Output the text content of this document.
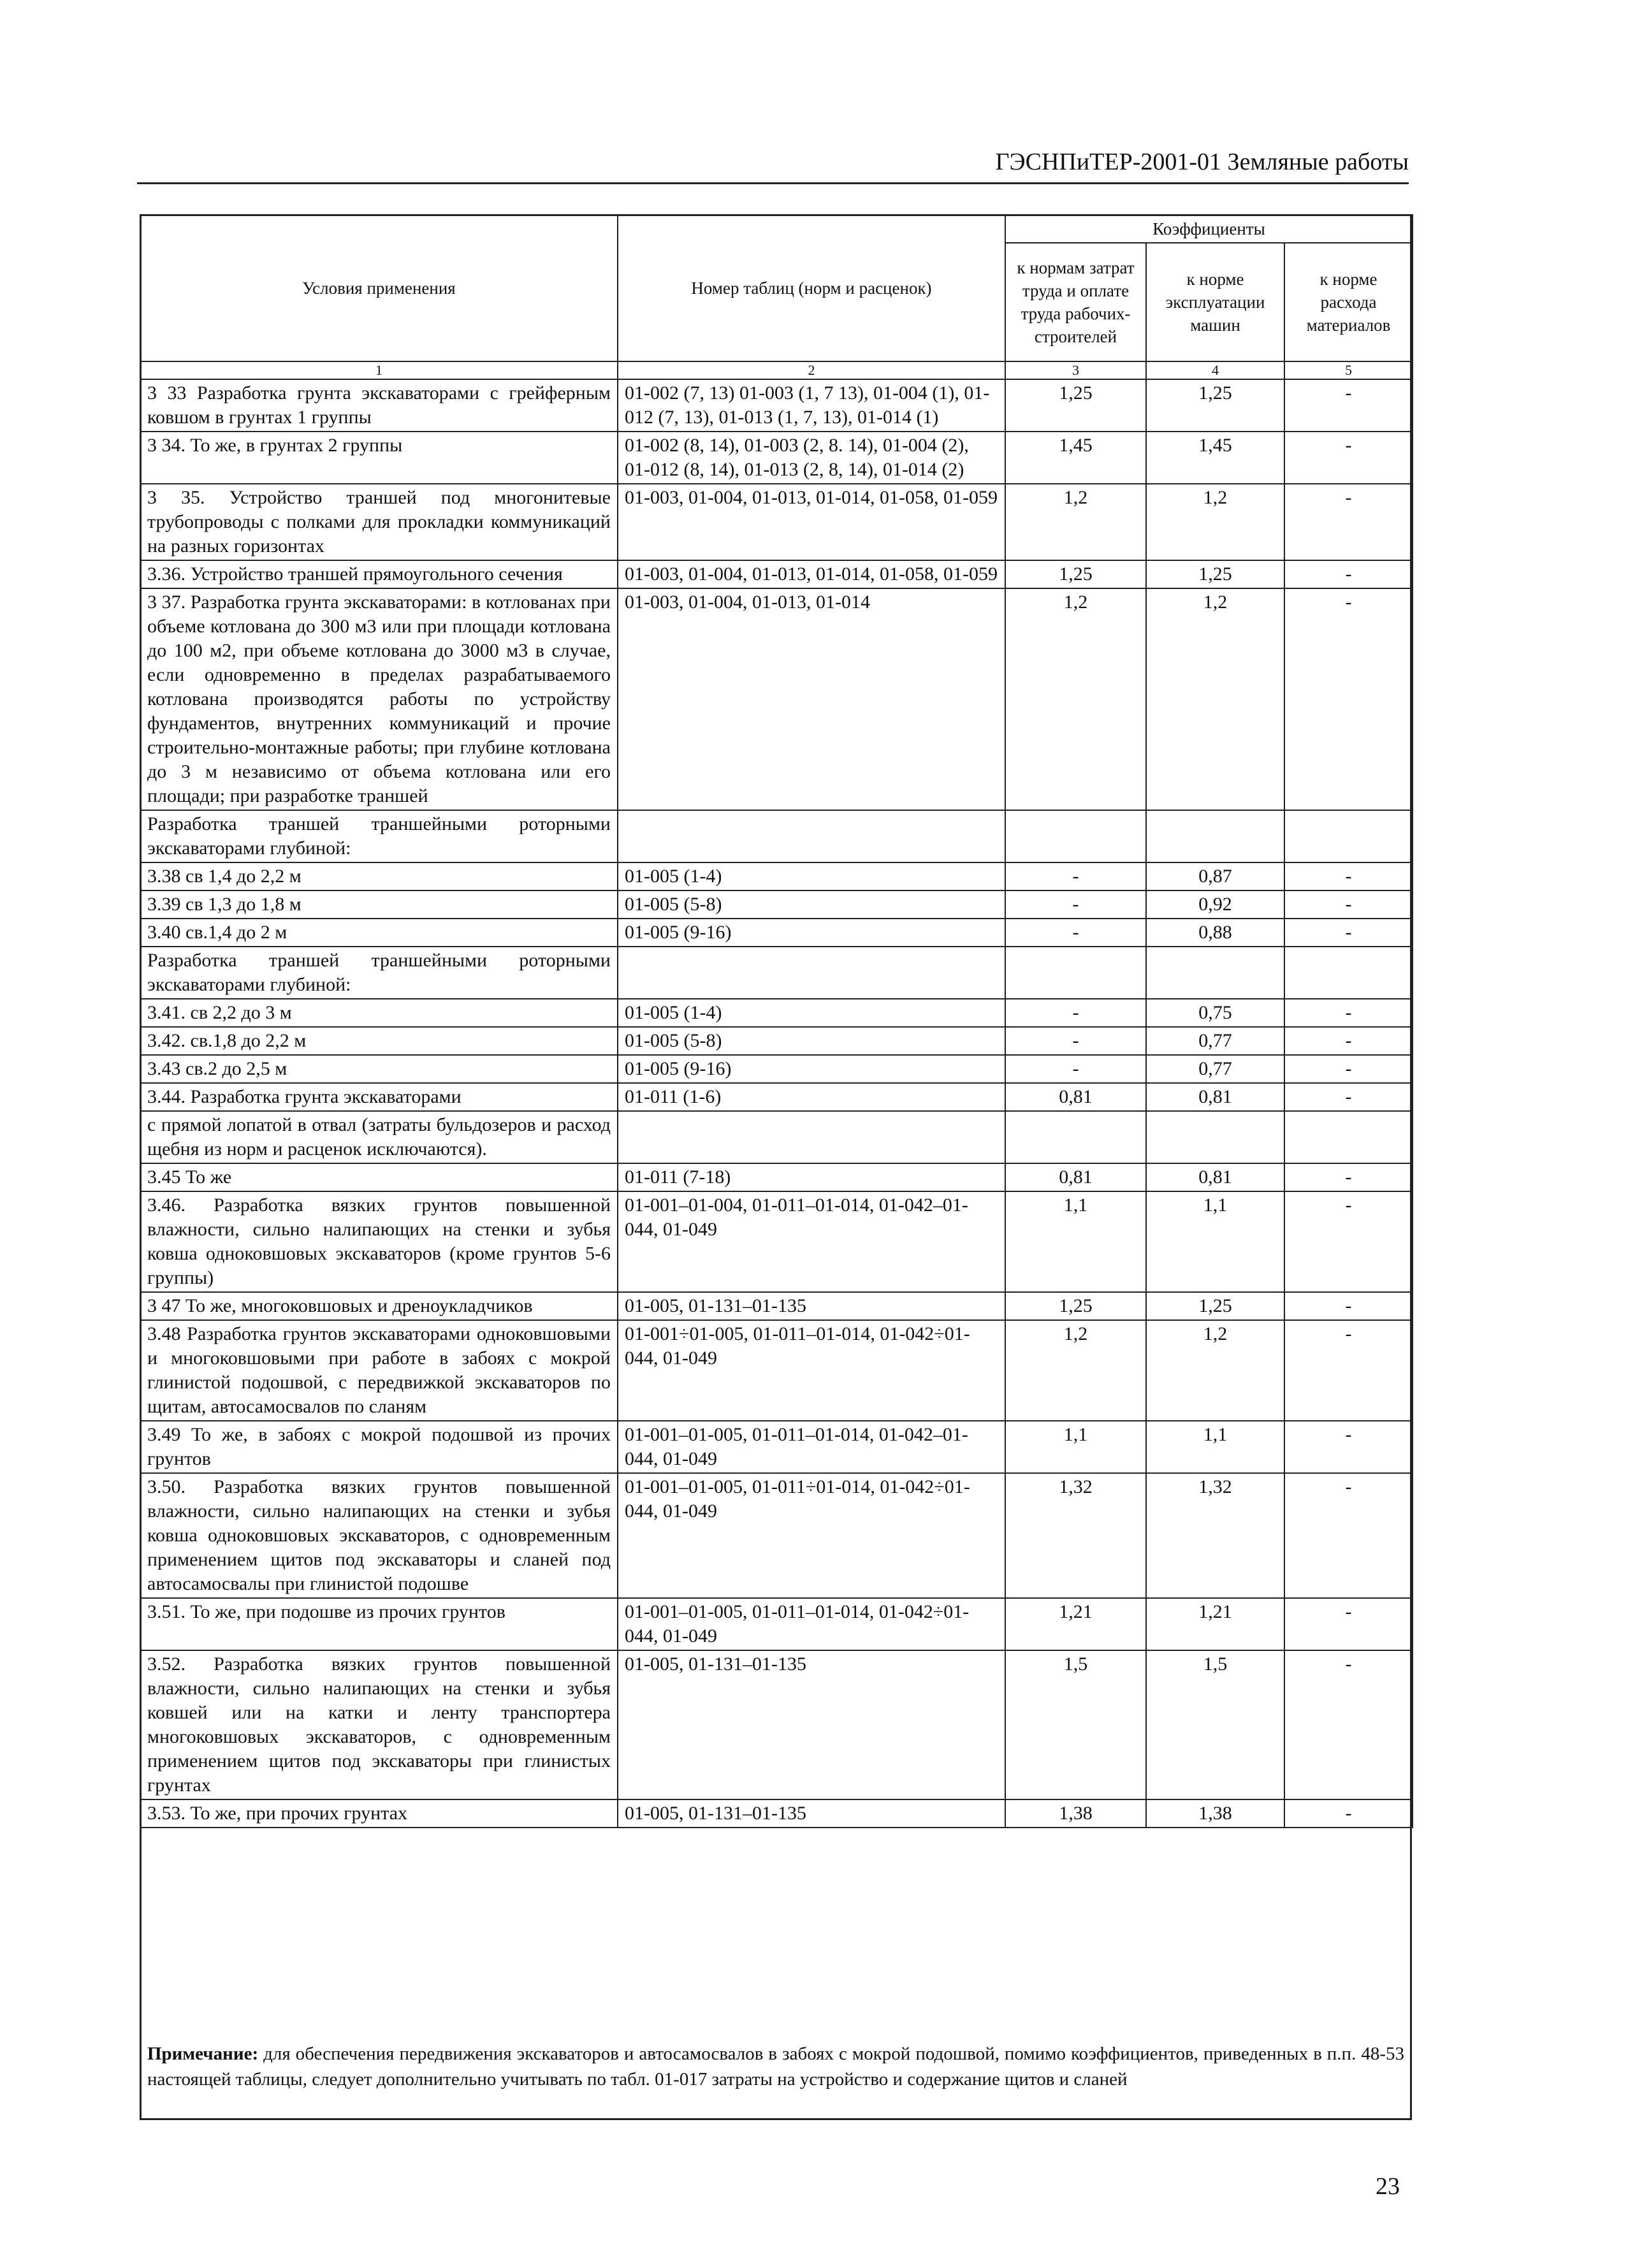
ГЭСНПиТЕР-2001-01 Земляные работы
Условия применения	Номер таблиц (норм и расценок)	Коэффициенты		
		к нормам затрат труда и оплате труда рабочих-строителей	к норме эксплуатации машин	к норме расхода материалов
1	2	3	4	5
3 33 Разработка грунта экскаваторами с грейферным ковшом в грунтах 1 группы	01-002 (7, 13) 01-003 (1, 7 13), 01-004 (1), 01-012 (7, 13), 01-013 (1, 7, 13), 01-014 (1)	1,25	1,25	-
3 34. То же, в грунтах 2 группы	01-002 (8, 14), 01-003 (2, 8. 14), 01-004 (2), 01-012 (8, 14), 01-013 (2, 8, 14), 01-014 (2)	1,45	1,45	-
3 35. Устройство траншей под многонитевые трубопроводы с полками для прокладки коммуникаций на разных горизонтах	01-003, 01-004, 01-013, 01-014, 01-058, 01-059	1,2	1,2	-
3.36. Устройство траншей прямоугольного сечения	01-003, 01-004, 01-013, 01-014, 01-058, 01-059	1,25	1,25	-
3 37. Разработка грунта экскаваторами: в котлованах при объеме котлована до 300 м3 или при площади котлована до 100 м2, при объеме котлована до 3000 м3 в случае, если одновременно в пределах разрабатываемого котлована производятся работы по устройству фундаментов, внутренних коммуникаций и прочие строительно-монтажные работы; при глубине котлована до 3 м независимо от объема котлована или его площади; при разработке траншей	01-003, 01-004, 01-013, 01-014	1,2	1,2	-
Разработка траншей траншейными роторными экскаваторами глубиной:				
3.38 св 1,4 до 2,2 м	01-005 (1-4)	-	0,87	-
3.39 св 1,3 до 1,8 м	01-005 (5-8)	-	0,92	-
3.40 св.1,4 до 2 м	01-005 (9-16)	-	0,88	-
Разработка траншей траншейными роторными экскаваторами глубиной:				
3.41. св 2,2 до 3 м	01-005 (1-4)	-	0,75	-
3.42. св.1,8 до 2,2 м	01-005 (5-8)	-	0,77	-
3.43 св.2 до 2,5 м	01-005 (9-16)	-	0,77	-
3.44. Разработка грунта экскаваторами	01-011 (1-6)	0,81	0,81	-
с прямой лопатой в отвал (затраты бульдозеров и расход щебня из норм и расценок исключаются).				
3.45 То же	01-011 (7-18)	0,81	0,81	-
3.46. Разработка вязких грунтов повышенной влажности, сильно налипающих на стенки и зубья ковша одноковшовых экскаваторов (кроме грунтов 5-6 группы)	01-001–01-004, 01-011–01-014, 01-042–01-044, 01-049	1,1	1,1	-
3 47 То же, многоковшовых и дреноукладчиков	01-005, 01-131–01-135	1,25	1,25	-
3.48 Разработка грунтов экскаваторами одноковшовыми и многоковшовыми при работе в забоях с мокрой глинистой подошвой, с передвижкой экскаваторов по щитам, автосамосвалов по сланям	01-001÷01-005, 01-011–01-014, 01-042÷01-044, 01-049	1,2	1,2	-
3.49 То же, в забоях с мокрой подошвой из прочих грунтов	01-001–01-005, 01-011–01-014, 01-042–01-044, 01-049	1,1	1,1	-
3.50. Разработка вязких грунтов повышенной влажности, сильно налипающих на стенки и зубья ковша одноковшовых экскаваторов, с одновременным применением щитов под экскаваторы и сланей под автосамосвалы при глинистой подошве	01-001–01-005, 01-011÷01-014, 01-042÷01-044, 01-049	1,32	1,32	-
3.51. То же, при подошве из прочих грунтов	01-001–01-005, 01-011–01-014, 01-042÷01-044, 01-049	1,21	1,21	-
3.52. Разработка вязких грунтов повышенной влажности, сильно налипающих на стенки и зубья ковшей или на катки и ленту транспортера многоковшовых экскаваторов, с одновременным применением щитов под экскаваторы при глинистых грунтах	01-005, 01-131–01-135	1,5	1,5	-
3.53. То же, при прочих грунтах	01-005, 01-131–01-135	1,38	1,38	-
Примечание: для обеспечения передвижения экскаваторов и автосамосвалов в забоях с мокрой подошвой, помимо коэффициентов, приведенных в п.п. 48-53 настоящей таблицы, следует дополнительно учитывать по табл. 01-017 затраты на устройство и содержание щитов и сланей
23
